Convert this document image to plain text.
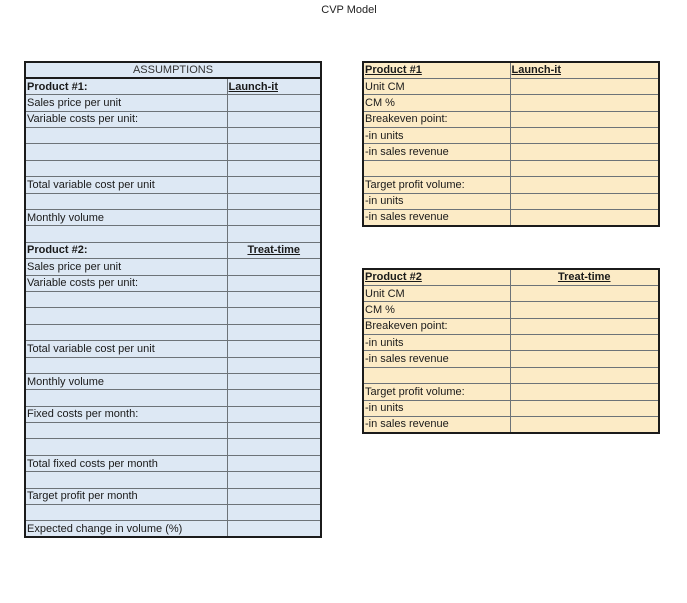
CVP Model
ASSUMPTIONS	
Product #1:	Launch-it
Sales price per unit	
Variable costs per unit:	

Total variable cost per unit	

Monthly volume	

Product #2:	Treat-time
Sales price per unit	
Variable costs per unit:	

Total variable cost per unit	

Monthly volume	

Fixed costs per month:	

Total fixed costs per month	

Target profit per month	

Expected change in volume (%)	
Product #1	Launch-it
Unit CM	
CM %	
Breakeven point:	
-in units	
-in sales revenue	

Target profit volume:	
-in units	
-in sales revenue	
Product #2	Treat-time
Unit CM	
CM %	
Breakeven point:	
-in units	
-in sales revenue	

Target profit volume:	
-in units	
-in sales revenue	
